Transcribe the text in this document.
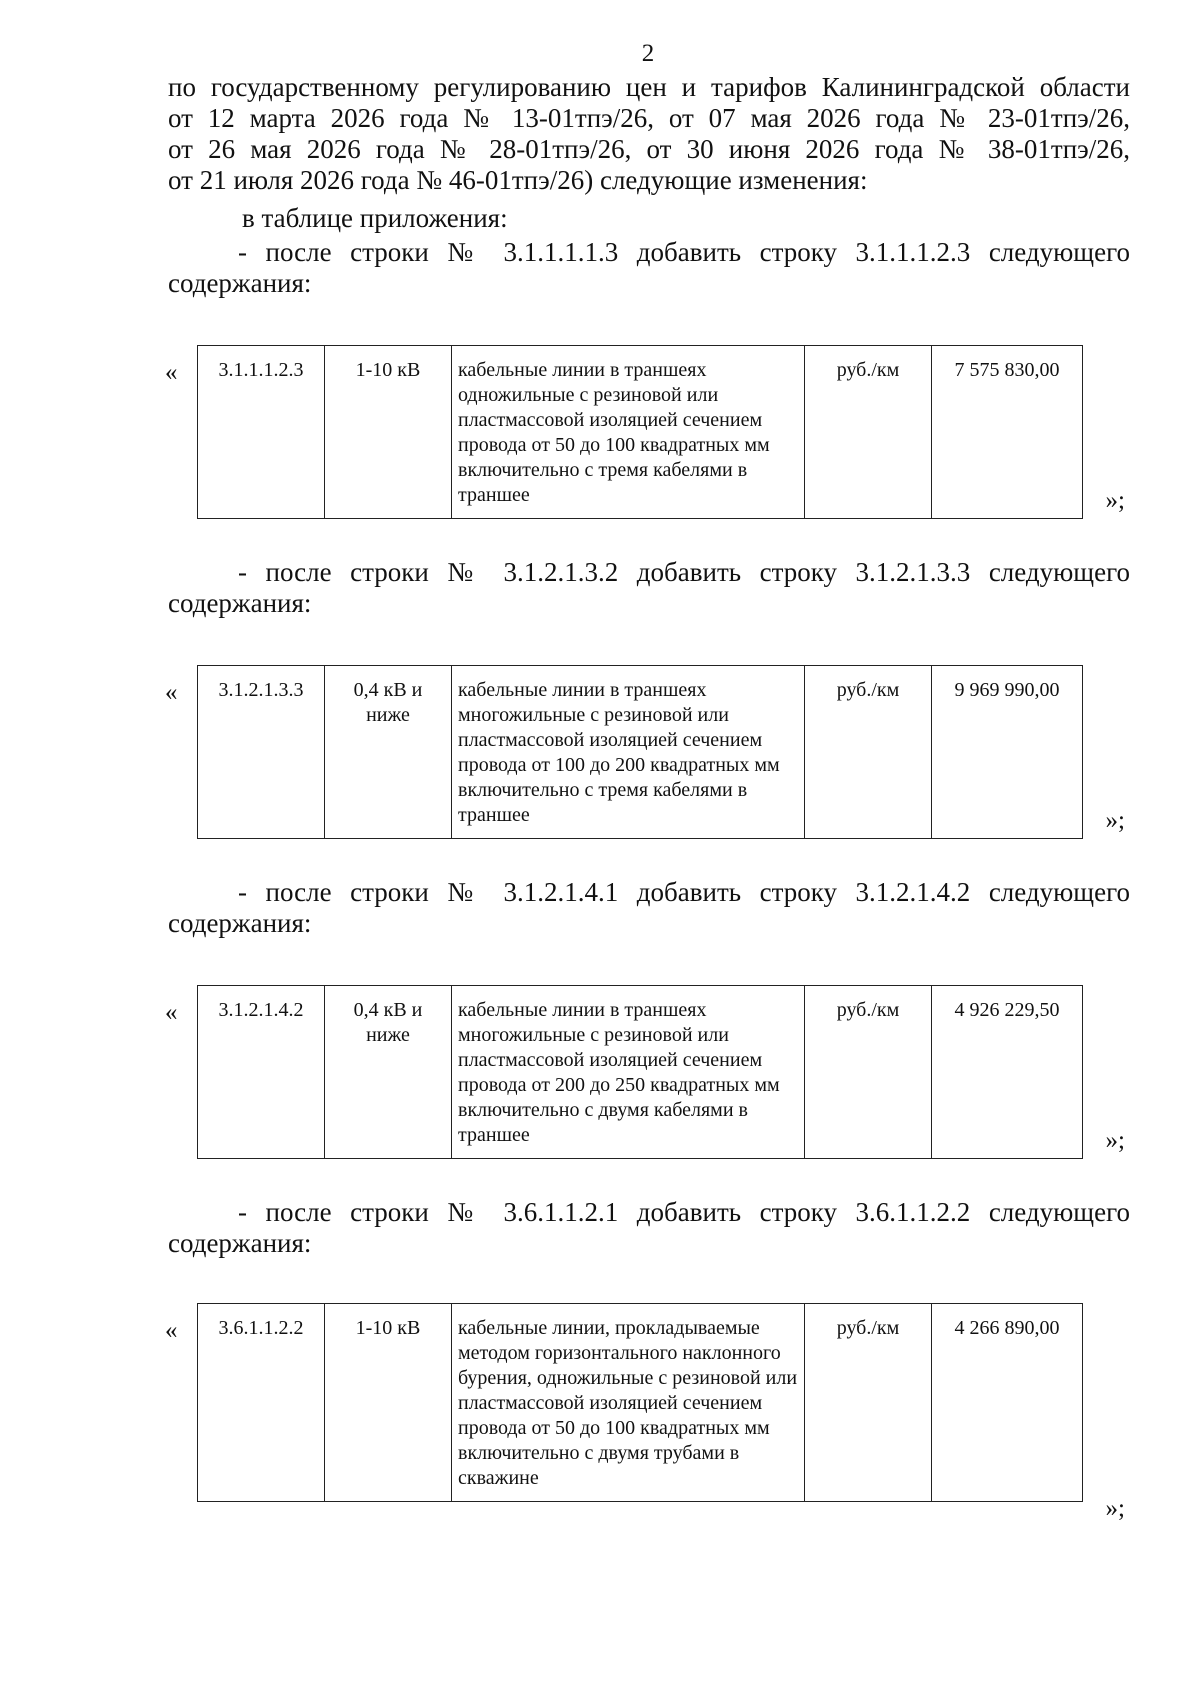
2
по государственному регулированию цен и тарифов Калининградской области
от 12 марта 2026 года № 13-01тпэ/26, от 07 мая 2026 года № 23-01тпэ/26,
от 26 мая 2026 года № 28-01тпэ/26, от 30 июня 2026 года № 38-01тпэ/26,
от 21 июля 2026 года № 46-01тпэ/26) следующие изменения:
в таблице приложения:
- после строки № 3.1.1.1.1.3 добавить строку 3.1.1.1.2.3 следующего
содержания:
« 3.1.1.1.2.3	1-10 кВ	кабельные линии в траншеях одножильные с резиновой или пластмассовой изоляцией сечением провода от 50 до 100 квадратных мм включительно с тремя кабелями в траншее	руб./км	7 575 830,00
»;
- после строки № 3.1.2.1.3.2 добавить строку 3.1.2.1.3.3 следующего
содержания:
« 3.1.2.1.3.3	0,4 кВ и ниже	кабельные линии в траншеях многожильные с резиновой или пластмассовой изоляцией сечением провода от 100 до 200 квадратных мм включительно с тремя кабелями в траншее	руб./км	9 969 990,00
»;
- после строки № 3.1.2.1.4.1 добавить строку 3.1.2.1.4.2 следующего
содержания:
« 3.1.2.1.4.2	0,4 кВ и ниже	кабельные линии в траншеях многожильные с резиновой или пластмассовой изоляцией сечением провода от 200 до 250 квадратных мм включительно с двумя кабелями в траншее	руб./км	4 926 229,50
»;
- после строки № 3.6.1.1.2.1 добавить строку 3.6.1.1.2.2 следующего
содержания:
« 3.6.1.1.2.2	1-10 кВ	кабельные линии, прокладываемые методом горизонтального наклонного бурения, одножильные с резиновой или пластмассовой изоляцией сечением провода от 50 до 100 квадратных мм включительно с двумя трубами в скважине	руб./км	4 266 890,00
»;
